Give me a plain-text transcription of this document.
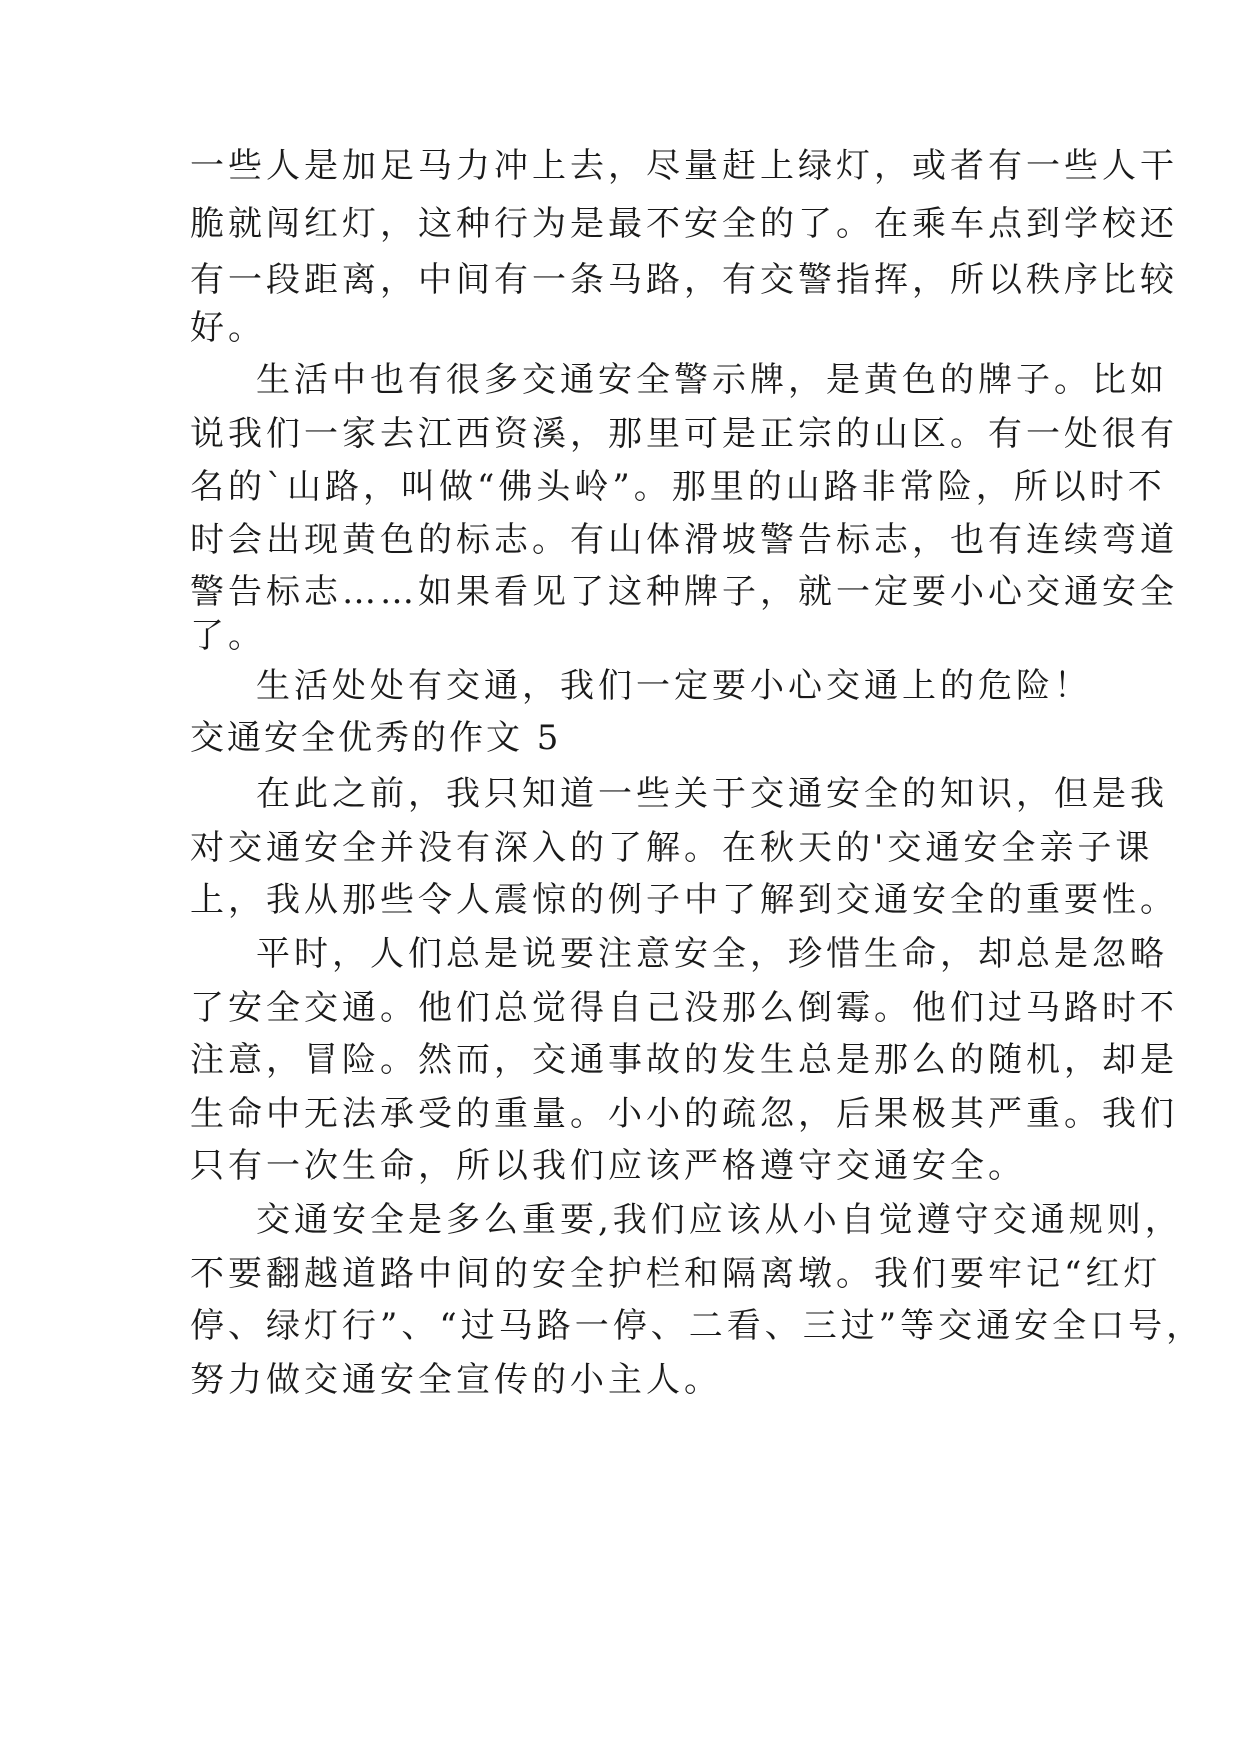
一些人是加足马力冲上去，尽量赶上绿灯，或者有一些人干
脆就闯红灯，这种行为是最不安全的了。在乘车点到学校还
有一段距离，中间有一条马路，有交警指挥，所以秩序比较
好。
生活中也有很多交通安全警示牌，是黄色的牌子。比如
说我们一家去江西资溪，那里可是正宗的山区。有一处很有
名的`山路，叫做“佛头岭”。那里的山路非常险，所以时不
时会出现黄色的标志。有山体滑坡警告标志，也有连续弯道
警告标志……如果看见了这种牌子，就一定要小心交通安全
了。
生活处处有交通，我们一定要小心交通上的危险！
交通安全优秀的作文 5
在此之前，我只知道一些关于交通安全的知识，但是我
对交通安全并没有深入的了解。在秋天的'交通安全亲子课
上，我从那些令人震惊的例子中了解到交通安全的重要性。
平时，人们总是说要注意安全，珍惜生命，却总是忽略
了安全交通。他们总觉得自己没那么倒霉。他们过马路时不
注意，冒险。然而，交通事故的发生总是那么的随机，却是
生命中无法承受的重量。小小的疏忽，后果极其严重。我们
只有一次生命，所以我们应该严格遵守交通安全。
交通安全是多么重要,我们应该从小自觉遵守交通规则，
不要翻越道路中间的安全护栏和隔离墩。我们要牢记“红灯
停、绿灯行”、“过马路一停、二看、三过”等交通安全口号，
努力做交通安全宣传的小主人。
